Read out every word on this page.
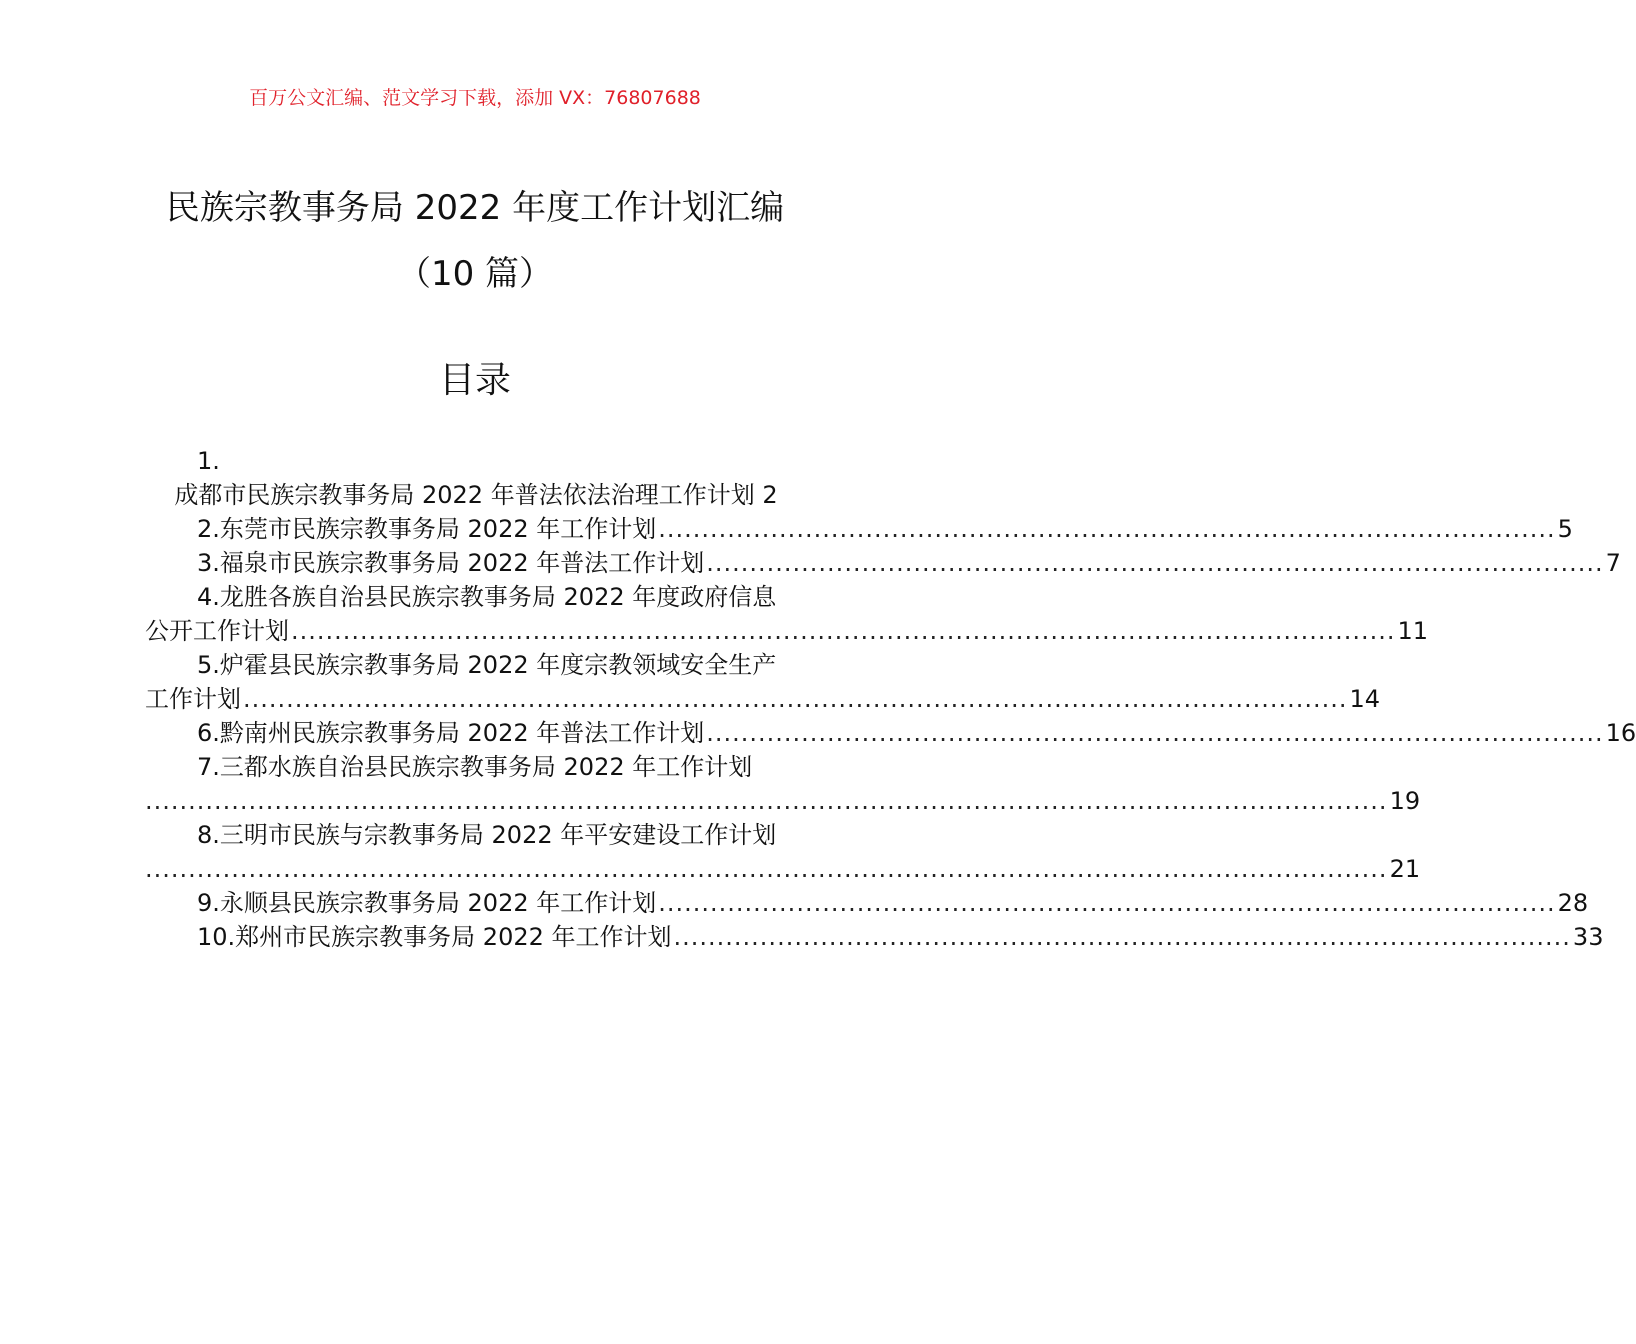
百万公文汇编、范文学习下载，添加 VX：76807688
民族宗教事务局 2022 年度工作计划汇编
（10 篇）
目录
1.
成都市民族宗教事务局 2022 年普法依法治理工作计划 2
2. 东莞市民族宗教事务局 2022 年工作计划 ........................................................................................................ 5
3. 福泉市民族宗教事务局 2022 年普法工作计划 ........................................................................................................ 7
4.龙胜各族自治县民族宗教事务局 2022 年度政府信息
公开工作计划 ................................................................................................................................ 11
5.炉霍县民族宗教事务局 2022 年度宗教领域安全生产
工作计划 ................................................................................................................................ 14
6. 黔南州民族宗教事务局 2022 年普法工作计划 ........................................................................................................ 16
7.三都水族自治县民族宗教事务局 2022 年工作计划
................................................................................................................................................ 19
8.三明市民族与宗教事务局 2022 年平安建设工作计划
................................................................................................................................................ 21
9. 永顺县民族宗教事务局 2022 年工作计划 ........................................................................................................ 28
10. 郑州市民族宗教事务局 2022 年工作计划 ........................................................................................................ 33
